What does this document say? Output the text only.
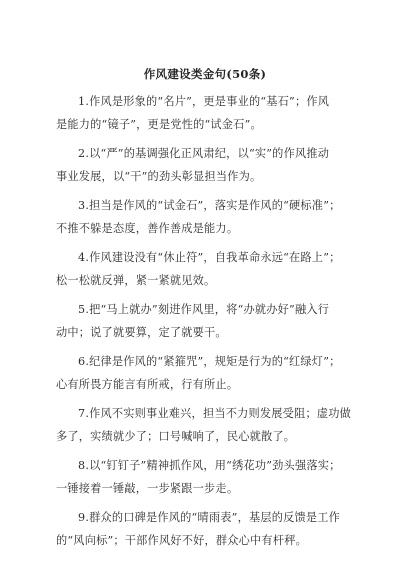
作风建设类金句(50条)
1.作风是形象的“名片”，更是事业的“基石”；作风
是能力的“镜子”，更是党性的“试金石”。
2.以“严”的基调强化正风肃纪，以“实”的作风推动
事业发展，以“干”的劲头彰显担当作为。
3.担当是作风的“试金石”，落实是作风的“硬标准”；
不推不躲是态度，善作善成是能力。
4.作风建设没有“休止符”，自我革命永远“在路上”；
松一松就反弹，紧一紧就见效。
5.把“马上就办”刻进作风里，将“办就办好”融入行
动中；说了就要算，定了就要干。
6.纪律是作风的“紧箍咒”，规矩是行为的“红绿灯”；
心有所畏方能言有所戒，行有所止。
7.作风不实则事业难兴，担当不力则发展受阻；虚功做
多了，实绩就少了；口号喊响了，民心就散了。
8.以“钉钉子”精神抓作风，用“绣花功”劲头强落实；
一锤接着一锤敲，一步紧跟一步走。
9.群众的口碑是作风的“晴雨表”，基层的反馈是工作
的“风向标”；干部作风好不好，群众心中有杆秤。
